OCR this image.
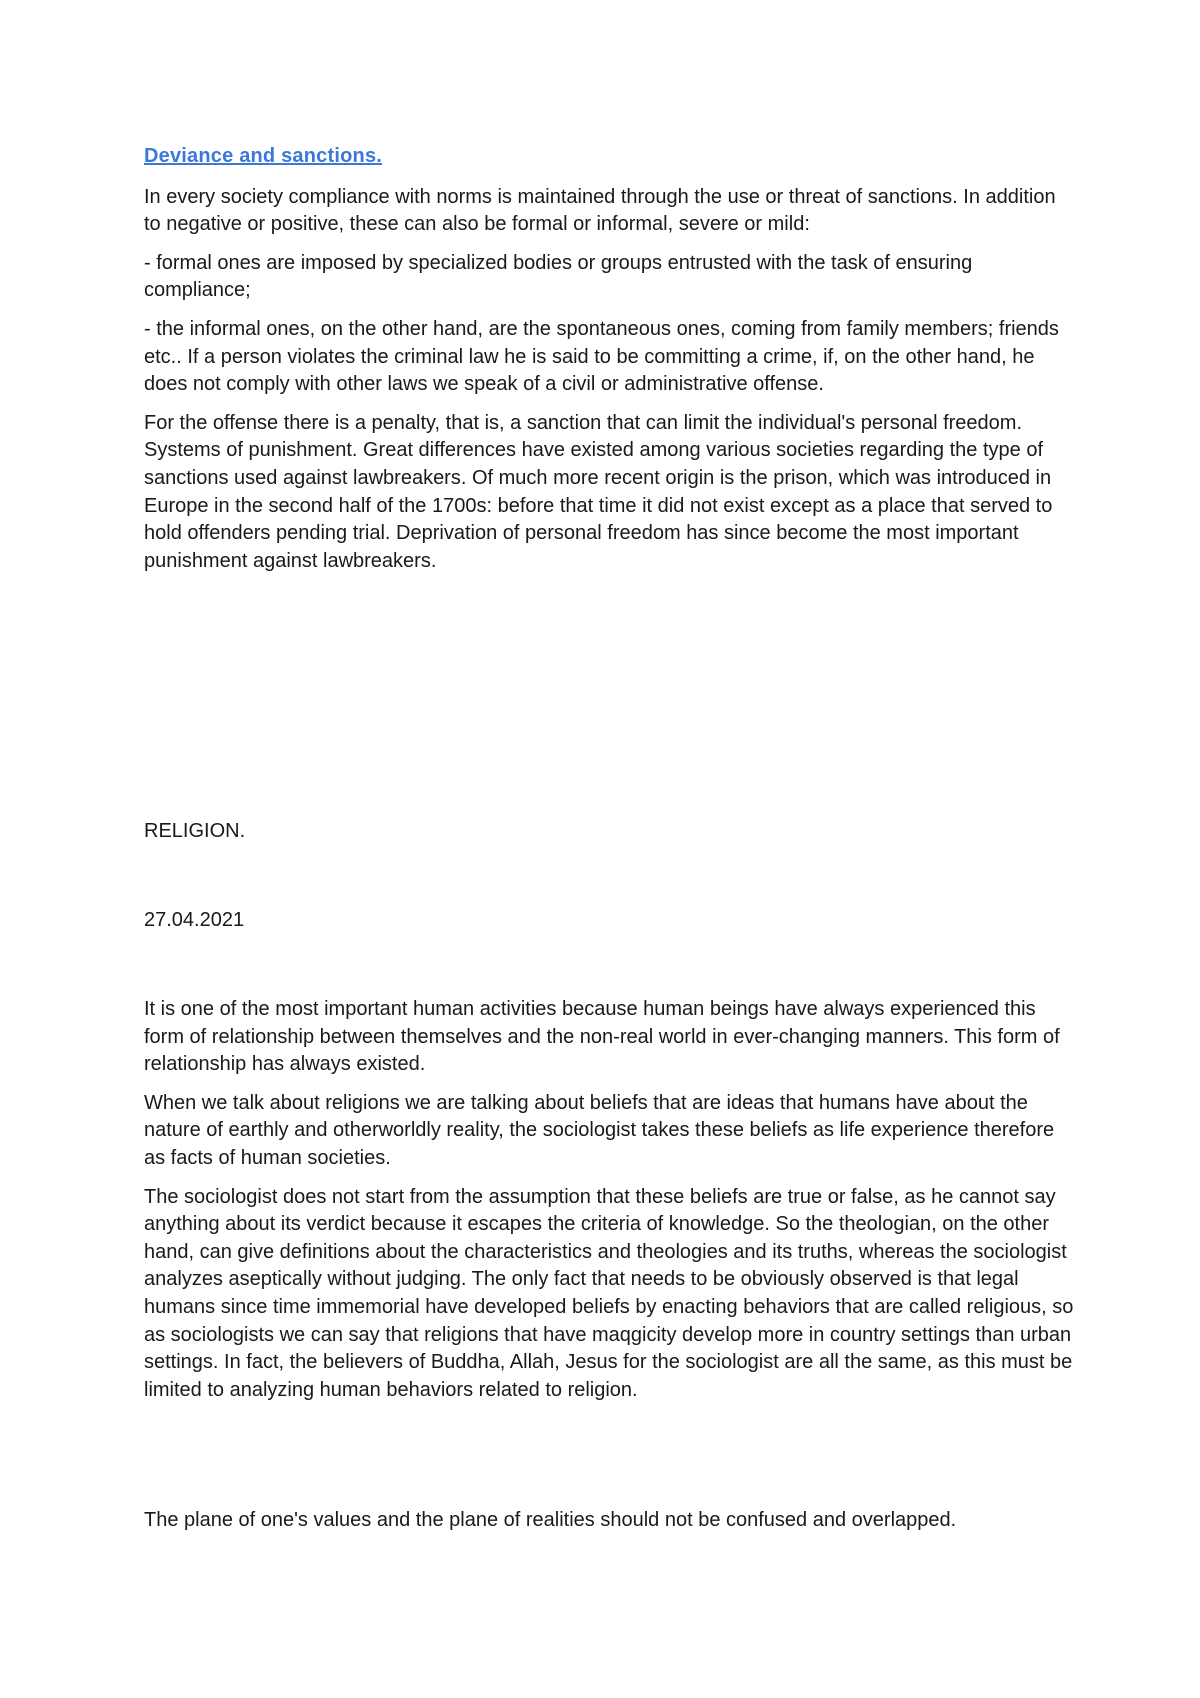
Deviance and sanctions.

In every society compliance with norms is maintained through the use or threat of sanctions. In addition to negative or positive, these can also be formal or informal, severe or mild:

- formal ones are imposed by specialized bodies or groups entrusted with the task of ensuring compliance;

- the informal ones, on the other hand, are the spontaneous ones, coming from family members; friends etc.. If a person violates the criminal law he is said to be committing a crime, if, on the other hand, he does not comply with other laws we speak of a civil or administrative offense.

For the offense there is a penalty, that is, a sanction that can limit the individual's personal freedom. Systems of punishment. Great differences have existed among various societies regarding the type of sanctions used against lawbreakers. Of much more recent origin is the prison, which was introduced in Europe in the second half of the 1700s: before that time it did not exist except as a place that served to hold offenders pending trial. Deprivation of personal freedom has since become the most important punishment against lawbreakers.

RELIGION.
27.04.2021

It is one of the most important human activities because human beings have always experienced this form of relationship between themselves and the non-real world in ever-changing manners. This form of relationship has always existed.

When we talk about religions we are talking about beliefs that are ideas that humans have about the nature of earthly and otherworldly reality, the sociologist takes these beliefs as life experience therefore as facts of human societies.

The sociologist does not start from the assumption that these beliefs are true or false, as he cannot say anything about its verdict because it escapes the criteria of knowledge. So the theologian, on the other hand, can give definitions about the characteristics and theologies and its truths, whereas the sociologist analyzes aseptically without judging. The only fact that needs to be obviously observed is that legal humans since time immemorial have developed beliefs by enacting behaviors that are called religious, so as sociologists we can say that religions that have maqgicity develop more in country settings than urban settings. In fact, the believers of Buddha, Allah, Jesus for the sociologist are all the same, as this must be limited to analyzing human behaviors related to religion.

The plane of one's values and the plane of realities should not be confused and overlapped.
